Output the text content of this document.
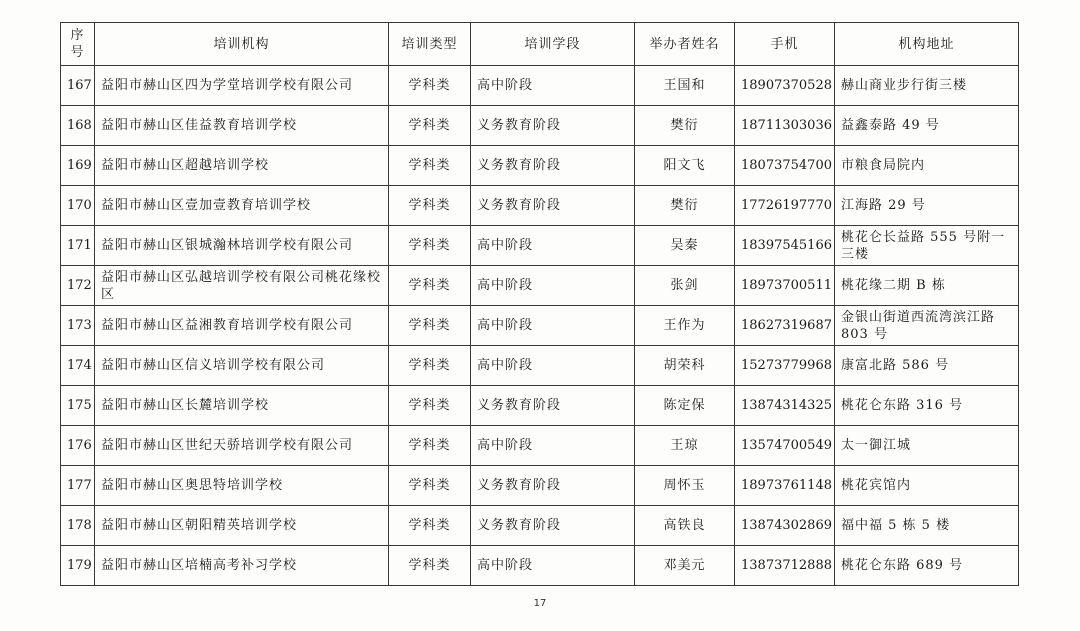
序号	培训机构	培训类型	培训学段	举办者姓名	手机	机构地址
167	益阳市赫山区四为学堂培训学校有限公司	学科类	高中阶段	王国和	18907370528	赫山商业步行街三楼
168	益阳市赫山区佳益教育培训学校	学科类	义务教育阶段	樊衍	18711303036	益鑫泰路 49 号
169	益阳市赫山区超越培训学校	学科类	义务教育阶段	阳文飞	18073754700	市粮食局院内
170	益阳市赫山区壹加壹教育培训学校	学科类	义务教育阶段	樊衍	17726197770	江海路 29 号
171	益阳市赫山区银城瀚林培训学校有限公司	学科类	高中阶段	吴秦	18397545166	桃花仑长益路 555 号附一三楼
172	益阳市赫山区弘越培训学校有限公司桃花缘校区	学科类	高中阶段	张剑	18973700511	桃花缘二期 B 栋
173	益阳市赫山区益湘教育培训学校有限公司	学科类	高中阶段	王作为	18627319687	金银山街道西流湾滨江路 803 号
174	益阳市赫山区信义培训学校有限公司	学科类	高中阶段	胡荣科	15273779968	康富北路 586 号
175	益阳市赫山区长麓培训学校	学科类	义务教育阶段	陈定保	13874314325	桃花仑东路 316 号
176	益阳市赫山区世纪天骄培训学校有限公司	学科类	高中阶段	王琼	13574700549	太一御江城
177	益阳市赫山区奥思特培训学校	学科类	义务教育阶段	周怀玉	18973761148	桃花宾馆内
178	益阳市赫山区朝阳精英培训学校	学科类	义务教育阶段	高铁良	13874302869	福中福 5 栋 5 楼
179	益阳市赫山区培楠高考补习学校	学科类	高中阶段	邓美元	13873712888	桃花仑东路 689 号
17
